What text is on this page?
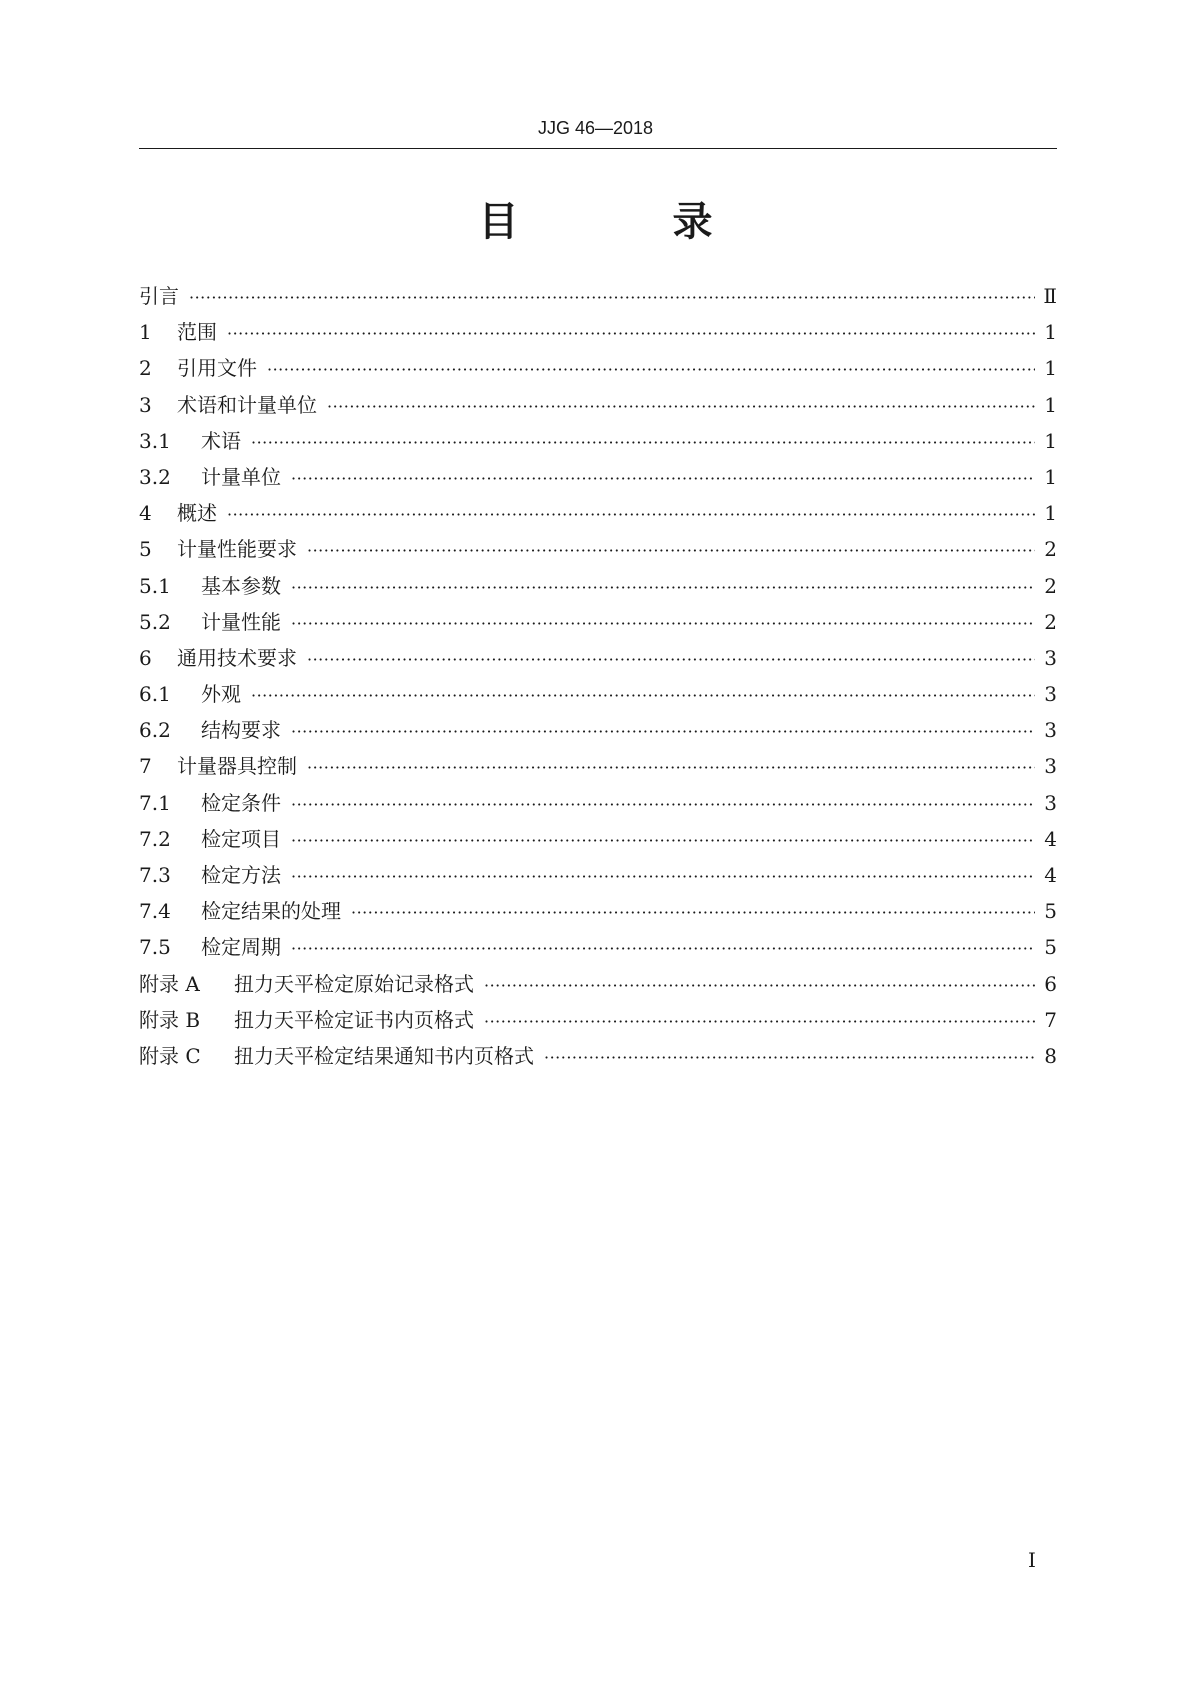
JJG 46—2018
目 录
引言 ·····	Ⅱ
1	范围 ·····	1
2	引用文件 ·····	1
3	术语和计量单位 ·····	1
3.1	术语 ·····	1
3.2	计量单位 ·····	1
4	概述 ·····	1
5	计量性能要求 ·····	2
5.1	基本参数 ·····	2
5.2	计量性能 ·····	2
6	通用技术要求 ·····	3
6.1	外观 ·····	3
6.2	结构要求 ·····	3
7	计量器具控制 ·····	3
7.1	检定条件 ·····	3
7.2	检定项目 ·····	4
7.3	检定方法 ·····	4
7.4	检定结果的处理 ·····	5
7.5	检定周期 ·····	5
附录 A	扭力天平检定原始记录格式 ·····	6
附录 B	扭力天平检定证书内页格式 ·····	7
附录 C	扭力天平检定结果通知书内页格式 ·····	8
Ⅰ
